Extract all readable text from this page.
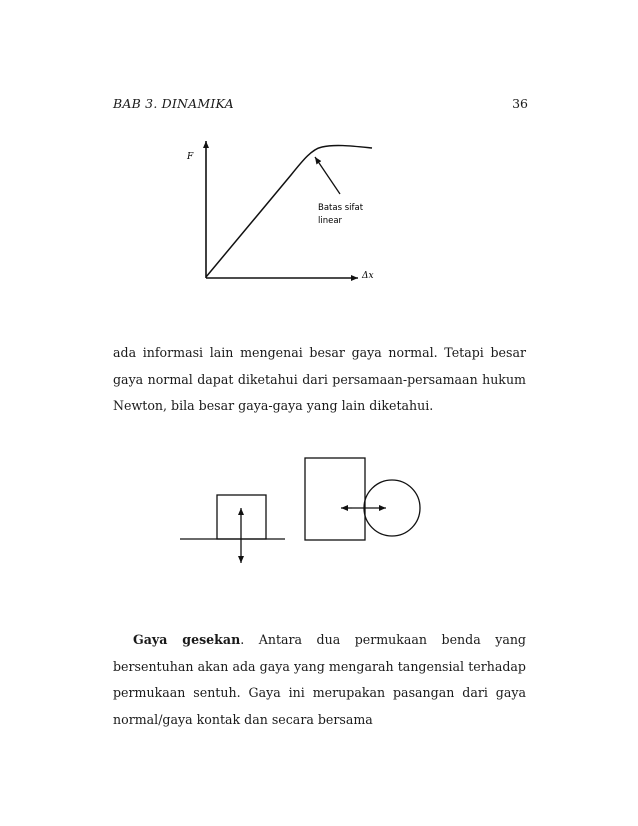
BAB 3. DINAMIKA	36
F
Δx
Batas sifat
linear

ada informasi lain mengenai besar gaya normal. Tetapi besar gaya normal dapat diketahui dari persamaan-persamaan hukum Newton, bila besar gaya-gaya yang lain diketahui.

Gaya gesekan. Antara dua permukaan benda yang bersentuhan akan ada gaya yang mengarah tangensial terhadap permukaan sentuh. Gaya ini merupakan pasangan dari gaya normal/gaya kontak dan secara bersama
